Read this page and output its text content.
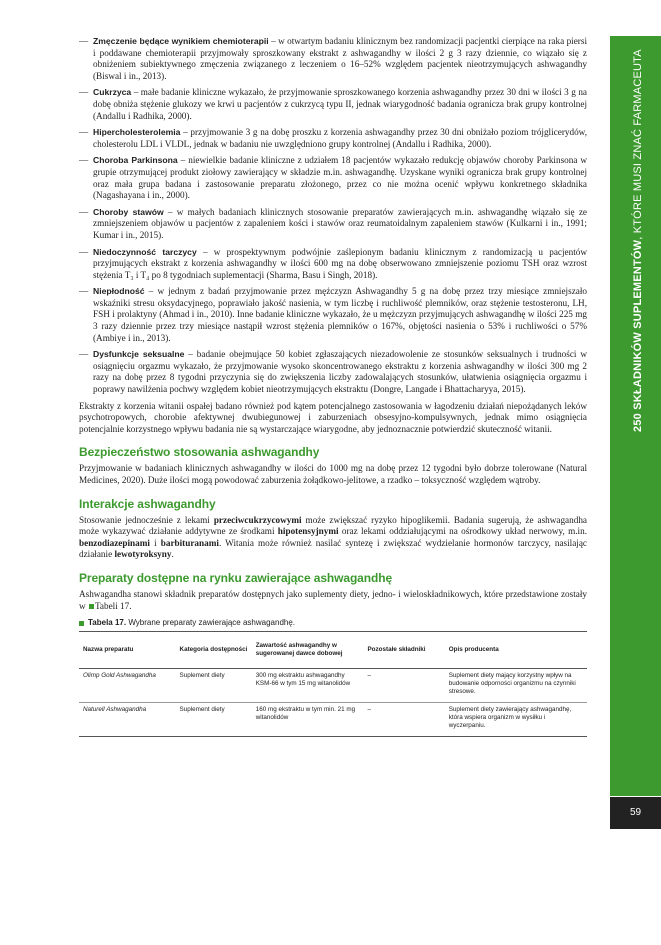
— Zmęczenie będące wynikiem chemioterapii – w otwartym badaniu klinicznym bez randomizacji pacjentki cierpiące na raka piersi i poddawane chemioterapii przyjmowały sproszkowany ekstrakt z ashwagandhy w ilości 2 g 3 razy dziennie, co wiązało się z obniżeniem subiektywnego zmęczenia związanego z leczeniem o 16–52% względem pacjentek nieotrzymujących ashwagandhy (Biswal i in., 2013).
— Cukrzyca – małe badanie kliniczne wykazało, że przyjmowanie sproszkowanego korzenia ashwagandhy przez 30 dni w ilości 3 g na dobę obniża stężenie glukozy we krwi u pacjentów z cukrzycą typu II, jednak wiarygodność badania ogranicza brak grupy kontrolnej (Andallu i Radhika, 2000).
— Hipercholesterolemia – przyjmowanie 3 g na dobę proszku z korzenia ashwagandhy przez 30 dni obniżało poziom trójglicerydów, cholesterolu LDL i VLDL, jednak w badaniu nie uwzględniono grupy kontrolnej (Andallu i Radhika, 2000).
— Choroba Parkinsona – niewielkie badanie kliniczne z udziałem 18 pacjentów wykazało redukcję objawów choroby Parkinsona w grupie otrzymującej produkt ziołowy zawierający w składzie m.in. ashwagandhę. Uzyskane wyniki ogranicza brak grupy kontrolnej oraz mała grupa badana i zastosowanie preparatu złożonego, przez co nie można ocenić wpływu konkretnego składnika (Nagashayana i in., 2000).
— Choroby stawów – w małych badaniach klinicznych stosowanie preparatów zawierających m.in. ashwagandhę wiązało się ze zmniejszeniem objawów u pacjentów z zapaleniem kości i stawów oraz reumatoidalnym zapaleniem stawów (Kulkarni i in., 1991; Kumar i in., 2015).
— Niedoczynność tarczycy – w prospektywnym podwójnie zaślepionym badaniu klinicznym z randomizacją u pacjentów przyjmujących ekstrakt z korzenia ashwagandhy w ilości 600 mg na dobę obserwowano zmniejszenie poziomu TSH oraz wzrost stężenia T₃ i T₄ po 8 tygodniach suplementacji (Sharma, Basu i Singh, 2018).
— Niepłodność – w jednym z badań przyjmowanie przez mężczyzn Ashwagandhy 5 g na dobę przez trzy miesiące zmniejszało wskaźniki stresu oksydacyjnego, poprawiało jakość nasienia, w tym liczbę i ruchliwość plemników, oraz stężenie testosteronu, LH, FSH i prolaktyny (Ahmad i in., 2010). Inne badanie kliniczne wykazało, że u mężczyzn przyjmujących ashwagandhę w ilości 225 mg 3 razy dziennie przez trzy miesiące nastąpił wzrost stężenia plemników o 167%, objętości nasienia o 53% i ruchliwości o 57% (Ambiye i in., 2013).
— Dysfunkcje seksualne – badanie obejmujące 50 kobiet zgłaszających niezadowolenie ze stosunków seksualnych i trudności w osiągnięciu orgazmu wykazało, że przyjmowanie wysoko skoncentrowanego ekstraktu z korzenia ashwagandhy w ilości 300 mg 2 razy na dobę przez 8 tygodni przyczynia się do zwiększenia liczby zadowalających stosunków, ułatwienia osiągnięcia orgazmu i poprawy nawilżenia pochwy względem kobiet nieotrzymujących ekstraktu (Dongre, Langade i Bhattacharyya, 2015).

Ekstrakty z korzenia witanii ospałej badano również pod kątem potencjalnego zastosowania w łagodzeniu działań niepożądanych leków psychotropowych, chorobie afektywnej dwubiegunowej i zaburzeniach obsesyjno-kompulsywnych, jednak mimo osiągnięcia potencjalnie korzystnego wpływu badania nie są wystarczające wiarygodne, aby jednoznacznie potwierdzić skuteczność witanii.

Bezpieczeństwo stosowania ashwagandhy

Przyjmowanie w badaniach klinicznych ashwagandhy w ilości do 1000 mg na dobę przez 12 tygodni było dobrze tolerowane (Natural Medicines, 2020). Duże ilości mogą powodować zaburzenia żołądkowo-jelitowe, a rzadko – toksyczność względem wątroby.

Interakcje ashwagandhy

Stosowanie jednocześnie z lekami przeciwcukrzycowymi może zwiększać ryzyko hipoglikemii. Badania sugerują, że ashwagandha może wykazywać działanie addytywne ze środkami hipotensyjnymi oraz lekami oddziałującymi na ośrodkowy układ nerwowy, m.in. benzodiazepinami i barbituranami. Witania może również nasilać syntezę i zwiększać wydzielanie hormonów tarczycy, nasilając działanie lewotyroksyny.

Preparaty dostępne na rynku zawierające ashwagandhę

Ashwagandha stanowi składnik preparatów dostępnych jako suplementy diety, jedno- i wieloskładnikowych, które przedstawione zostały w Tabeli 17.

Tabela 17. Wybrane preparaty zawierające ashwagandhę.
Nazwa preparatu	Kategoria dostępności	Zawartość ashwagandhy w sugerowanej dawce dobowej	Pozostałe składniki	Opis producenta
Olimp Gold Ashwagandha	Suplement diety	300 mg ekstraktu ashwagandhy KSM-66 w tym 15 mg witanolidów	–	Suplement diety mający korzystny wpływ na budowanie odporności organizmu na czynniki stresowe.
Naturell Ashwagandha	Suplement diety	160 mg ekstraktu w tym min. 21 mg witanolidów	–	Suplement diety zawierający ashwagandhę, która wspiera organizm w wysiłku i wyczerpaniu.
250 SKŁADNIKÓW SUPLEMENTÓW, KTÓRE MUSI ZNAĆ FARMACEUTA
59
